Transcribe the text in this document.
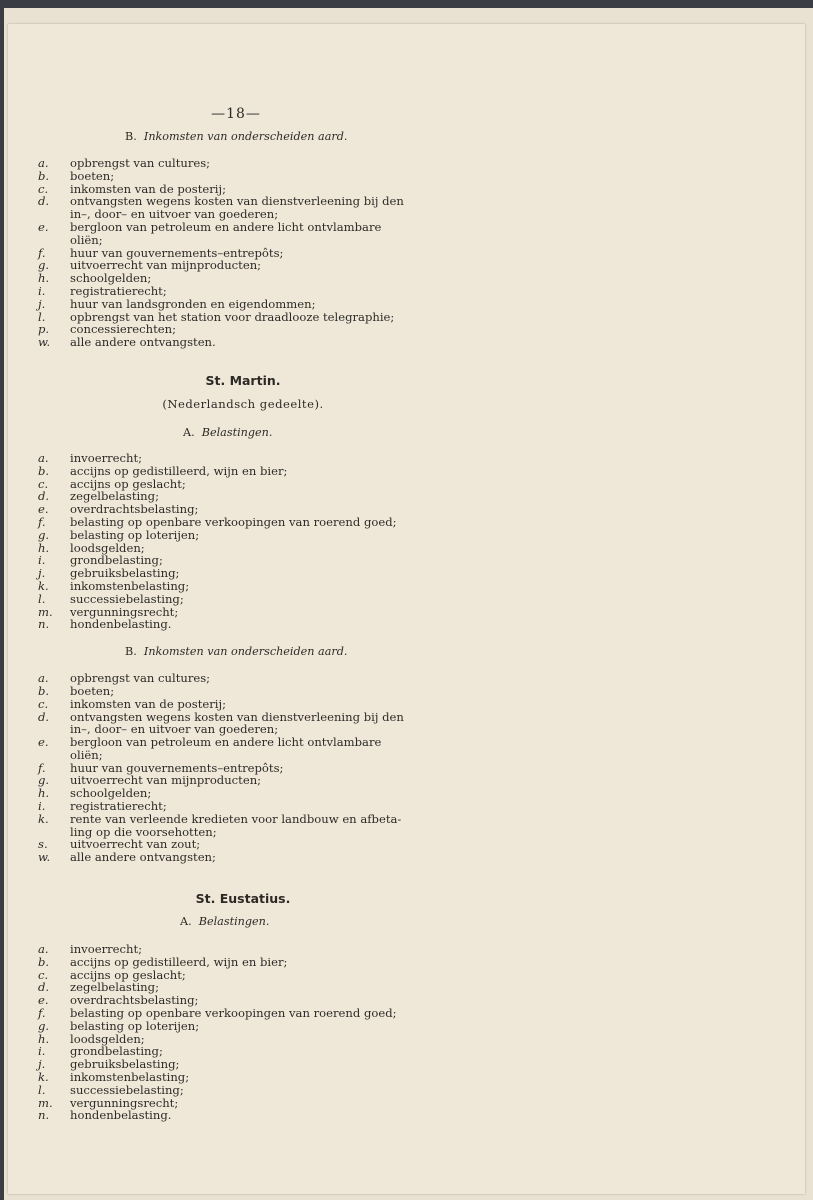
—18—
B. Inkomsten van onderscheiden aard.
a.	opbrengst van cultures;
b.	boeten;
c.	inkomsten van de posterij;
d.	ontvangsten wegens kosten van dienstverleening bij den
in–, door– en uitvoer van goederen;
e.	bergloon van petroleum en andere licht ontvlambare oliën;
f.	huur van gouvernements–entrepôts;
g.	uitvoerrecht van mijnproducten;
h.	schoolgelden;
i.	registratierecht;
j.	huur van landsgronden en eigendommen;
l.	opbrengst van het station voor draadlooze telegraphie;
p.	concessierechten;
w.	alle andere ontvangsten.
St. Martin.
(Nederlandsch gedeelte).
A. Belastingen.
a.	invoerrecht;
b.	accijns op gedistilleerd, wijn en bier;
c.	accijns op geslacht;
d.	zegelbelasting;
e.	overdrachtsbelasting;
f.	belasting op openbare verkoopingen van roerend goed;
g.	belasting op loterijen;
h.	loodsgelden;
i.	grondbelasting;
j.	gebruiksbelasting;
k.	inkomstenbelasting;
l.	successiebelasting;
m.	vergunningsrecht;
n.	hondenbelasting.
B. Inkomsten van onderscheiden aard.
a.	opbrengst van cultures;
b.	boeten;
c.	inkomsten van de posterij;
d.	ontvangsten wegens kosten van dienstverleening bij den
in–, door– en uitvoer van goederen;
e.	bergloon van petroleum en andere licht ontvlambare oliën;
f.	huur van gouvernements–entrepôts;
g.	uitvoerrecht van mijnproducten;
h.	schoolgelden;
i.	registratierecht;
k.	rente van verleende kredieten voor landbouw en afbeta-
ling op die voorsehotten;
s.	uitvoerrecht van zout;
w.	alle andere ontvangsten;
St. Eustatius.
A. Belastingen.
a.	invoerrecht;
b.	accijns op gedistilleerd, wijn en bier;
c.	accijns op geslacht;
d.	zegelbelasting;
e.	overdrachtsbelasting;
f.	belasting op openbare verkoopingen van roerend goed;
g.	belasting op loterijen;
h.	loodsgelden;
i.	grondbelasting;
j.	gebruiksbelasting;
k.	inkomstenbelasting;
l.	successiebelasting;
m.	vergunningsrecht;
n.	hondenbelasting.
